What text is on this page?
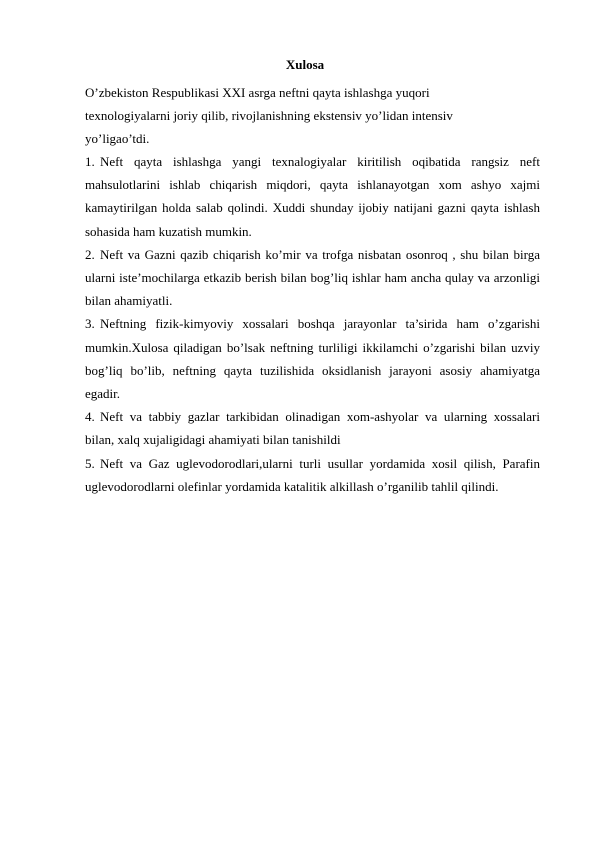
Xulosa
O’zbekiston Respublikasi XXI asrga neftni qayta ishlashga yuqori
texnologiyalarni joriy qilib, rivojlanishning ekstensiv yo’lidan intensiv
yo’ligao’tdi.

1. Neft qayta ishlashga yangi texnalogiyalar kiritilish oqibatida rangsiz neft mahsulotlarini ishlab chiqarish miqdori, qayta ishlanayotgan xom ashyo xajmi kamaytirilgan holda salab qolindi. Xuddi shunday ijobiy natijani gazni qayta ishlash sohasida ham kuzatish mumkin.

2. Neft va Gazni qazib chiqarish ko’mir va trofga nisbatan osonroq , shu bilan birga ularni iste’mochilarga etkazib berish bilan bog’liq ishlar ham ancha qulay va arzonligi bilan ahamiyatli.

3. Neftning fizik-kimyoviy xossalari boshqa jarayonlar ta’sirida ham o’zgarishi mumkin.Xulosa qiladigan bo’lsak neftning turliligi ikkilamchi o’zgarishi bilan uzviy bog’liq bo’lib, neftning qayta tuzilishida oksidlanish jarayoni asosiy ahamiyatga egadir.

4. Neft va tabbiy gazlar tarkibidan olinadigan xom-ashyolar va ularning xossalari bilan, xalq xujaligidagi ahamiyati bilan tanishildi

5. Neft va Gaz uglevodorodlari,ularni turli usullar yordamida xosil qilish, Parafin uglevodorodlarni olefinlar yordamida katalitik alkillash o’rganilib tahlil qilindi.
